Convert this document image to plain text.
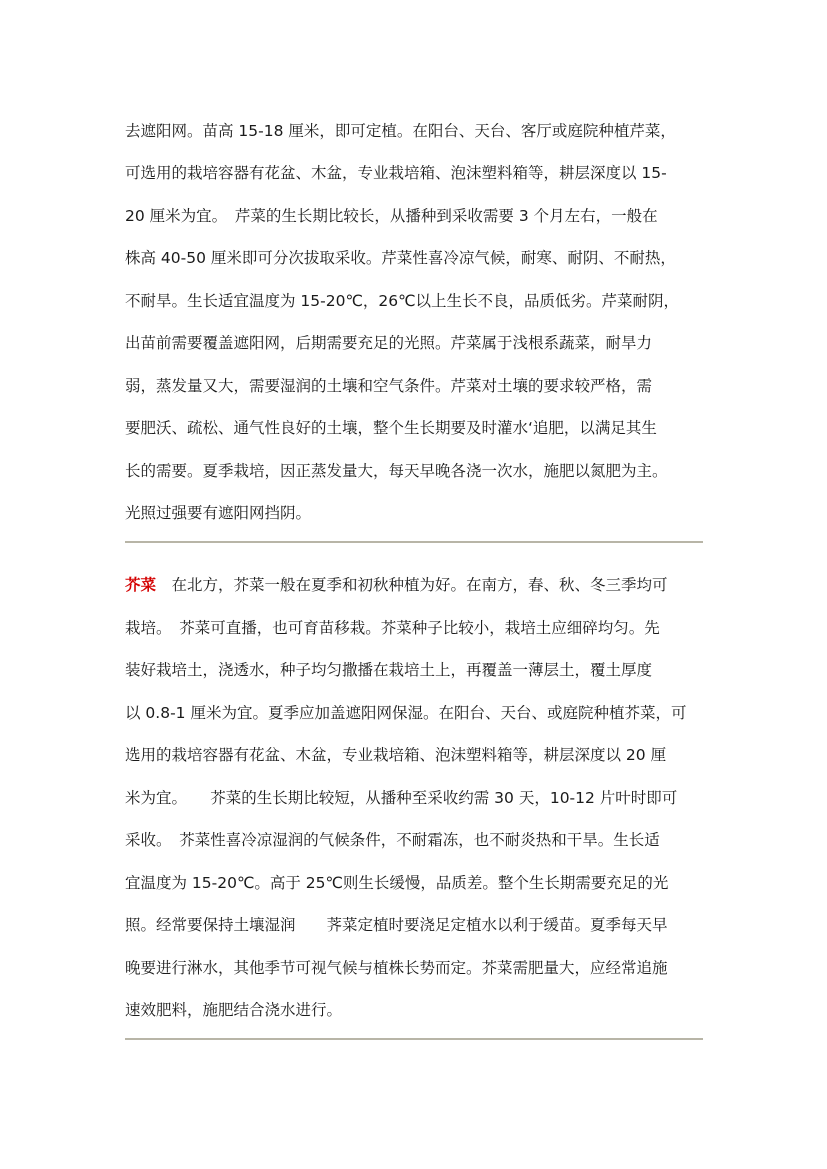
去遮阳网。苗高 15-18 厘米，即可定植。在阳台、天台、客厅或庭院种植芹菜，
可选用的栽培容器有花盆、木盆，专业栽培箱、泡沫塑料箱等，耕层深度以 15-
20 厘米为宜。　芹菜的生长期比较长，从播种到采收需要 3 个月左右，一般在
株高 40-50 厘米即可分次拔取采收。芹菜性喜冷凉气候，耐寒、耐阴、不耐热，
不耐旱。生长适宜温度为 15-20℃，26℃以上生长不良，品质低劣。芹菜耐阴，
出苗前需要覆盖遮阳网，后期需要充足的光照。芹菜属于浅根系蔬菜，耐旱力
弱，蒸发量又大，需要湿润的土壤和空气条件。芹菜对土壤的要求较严格，需
要肥沃、疏松、通气性良好的土壤，整个生长期要及时灌水‘追肥，以满足其生
长的需要。夏季栽培，因正蒸发量大，每天早晚各浇一次水，施肥以氮肥为主。
光照过强要有遮阳网挡阴。
芥菜　在北方，芥菜一般在夏季和初秋种植为好。在南方，春、秋、冬三季均可
栽培。　芥菜可直播，也可育苗移栽。芥菜种子比较小，栽培土应细碎均匀。先
装好栽培土，浇透水，种子均匀撒播在栽培土上，再覆盖一薄层土，覆土厚度
以 0.8-1 厘米为宜。夏季应加盖遮阳网保湿。在阳台、天台、或庭院种植芥菜，可
选用的栽培容器有花盆、木盆，专业栽培箱、泡沫塑料箱等，耕层深度以 20 厘
米为宜。　　芥菜的生长期比较短，从播种至采收约需 30 天，10-12 片叶时即可
采收。　芥菜性喜冷凉湿润的气候条件，不耐霜冻，也不耐炎热和干旱。生长适
宜温度为 15-20℃。高于 25℃则生长缓慢，品质差。整个生长期需要充足的光
照。经常要保持土壤湿润　　荠菜定植时要浇足定植水以利于缓苗。夏季每天早
晚要进行淋水，其他季节可视气候与植株长势而定。芥菜需肥量大，应经常追施
速效肥料，施肥结合浇水进行。
